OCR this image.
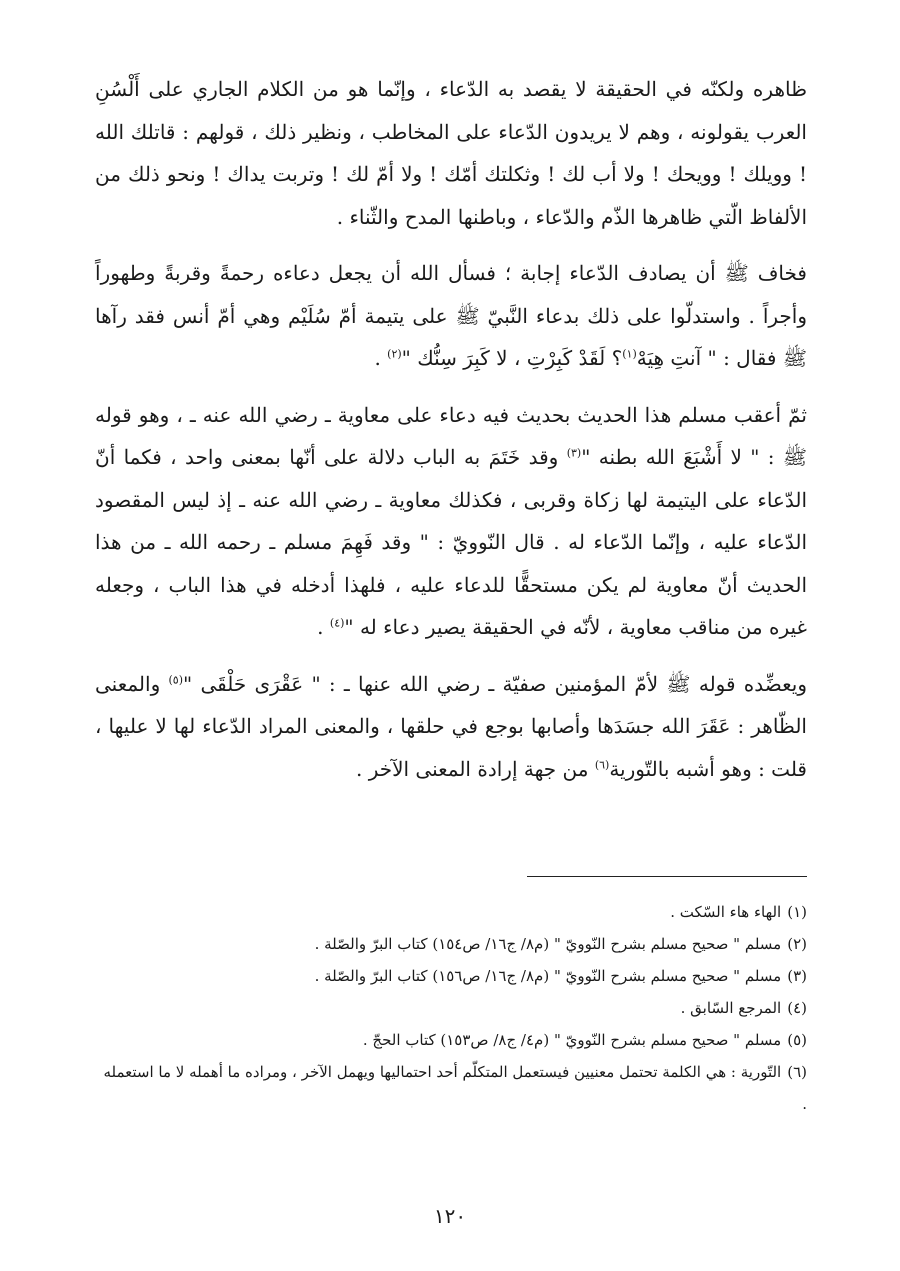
ظاهره ولكنّه في الحقيقة لا يقصد به الدّعاء ، وإنّما هو من الكلام الجاري على أَلْسُنِ العرب يقولونه ، وهم لا يريدون الدّعاء على المخاطب ، ونظير ذلك ، قولهم : قاتلك الله ! وويلك ! وويحك ! ولا أب لك ! وثكلتك أمّك ! ولا أمّ لك ! وتربت يداك ! ونحو ذلك من الألفاظ الّتي ظاهرها الذّم والدّعاء ، وباطنها المدح والثّناء .

فخاف ﷺ أن يصادف الدّعاء إجابة ؛ فسأل الله أن يجعل دعاءه رحمةً وقربةً وطهوراً وأجراً . واستدلّوا على ذلك بدعاء النَّبيّ ﷺ على يتيمة أمّ سُلَيْم وهي أمّ أنس فقد رآها ﷺ فقال : " آنتِ هِيَهْ$^{(١)}$؟ لَقَدْ كَبِرْتِ ، لا كَبِرَ سِنُّك "$^{(٢)}$ .

ثمّ أعقب مسلم هذا الحديث بحديث فيه دعاء على معاوية ـ رضي الله عنه ـ ، وهو قوله ﷺ : " لا أَشْبَعَ الله بطنه "$^{(٣)}$ وقد خَتَمَ به الباب دلالة على أنّها بمعنى واحد ، فكما أنّ الدّعاء على اليتيمة لها زكاة وقربى ، فكذلك معاوية ـ رضي الله عنه ـ إذ ليس المقصود الدّعاء عليه ، وإنّما الدّعاء له . قال النّوويّ : " وقد فَهِمَ مسلم ـ رحمه الله ـ من هذا الحديث أنّ معاوية لم يكن مستحقًّا للدعاء عليه ، فلهذا أدخله في هذا الباب ، وجعله غيره من مناقب معاوية ، لأنّه في الحقيقة يصير دعاء له "$^{(٤)}$ .

ويعضِّده قوله ﷺ لأمّ المؤمنين صفيّة ـ رضي الله عنها ـ : " عَقْرَى حَلْقَى "$^{(٥)}$ والمعنى الظّاهر : عَقَرَ الله جسَدَها وأصابها بوجع في حلقها ، والمعنى المراد الدّعاء لها لا عليها ، قلت : وهو أشبه بالتّورية$^{(٦)}$ من جهة إرادة المعنى الآخر .

(١)الهاء هاء السّكت .

(٢)مسلم " صحيح مسلم بشرح النّوويّ " (م٨/ ج١٦/ ص١٥٤) كتاب البرّ والصّلة .

(٣)مسلم " صحيح مسلم بشرح النّوويّ " (م٨/ ج١٦/ ص١٥٦) كتاب البرّ والصّلة .

(٤)المرجع السّابق .

(٥)مسلم " صحيح مسلم بشرح النّوويّ " (م٤/ ج٨/ ص١٥٣) كتاب الحجّ .

(٦)التّورية : هي الكلمة تحتمل معنيين فيستعمل المتكلّم أحد احتماليها ويهمل الآخر ، ومراده ما أهمله لا ما استعمله .

١٢٠
